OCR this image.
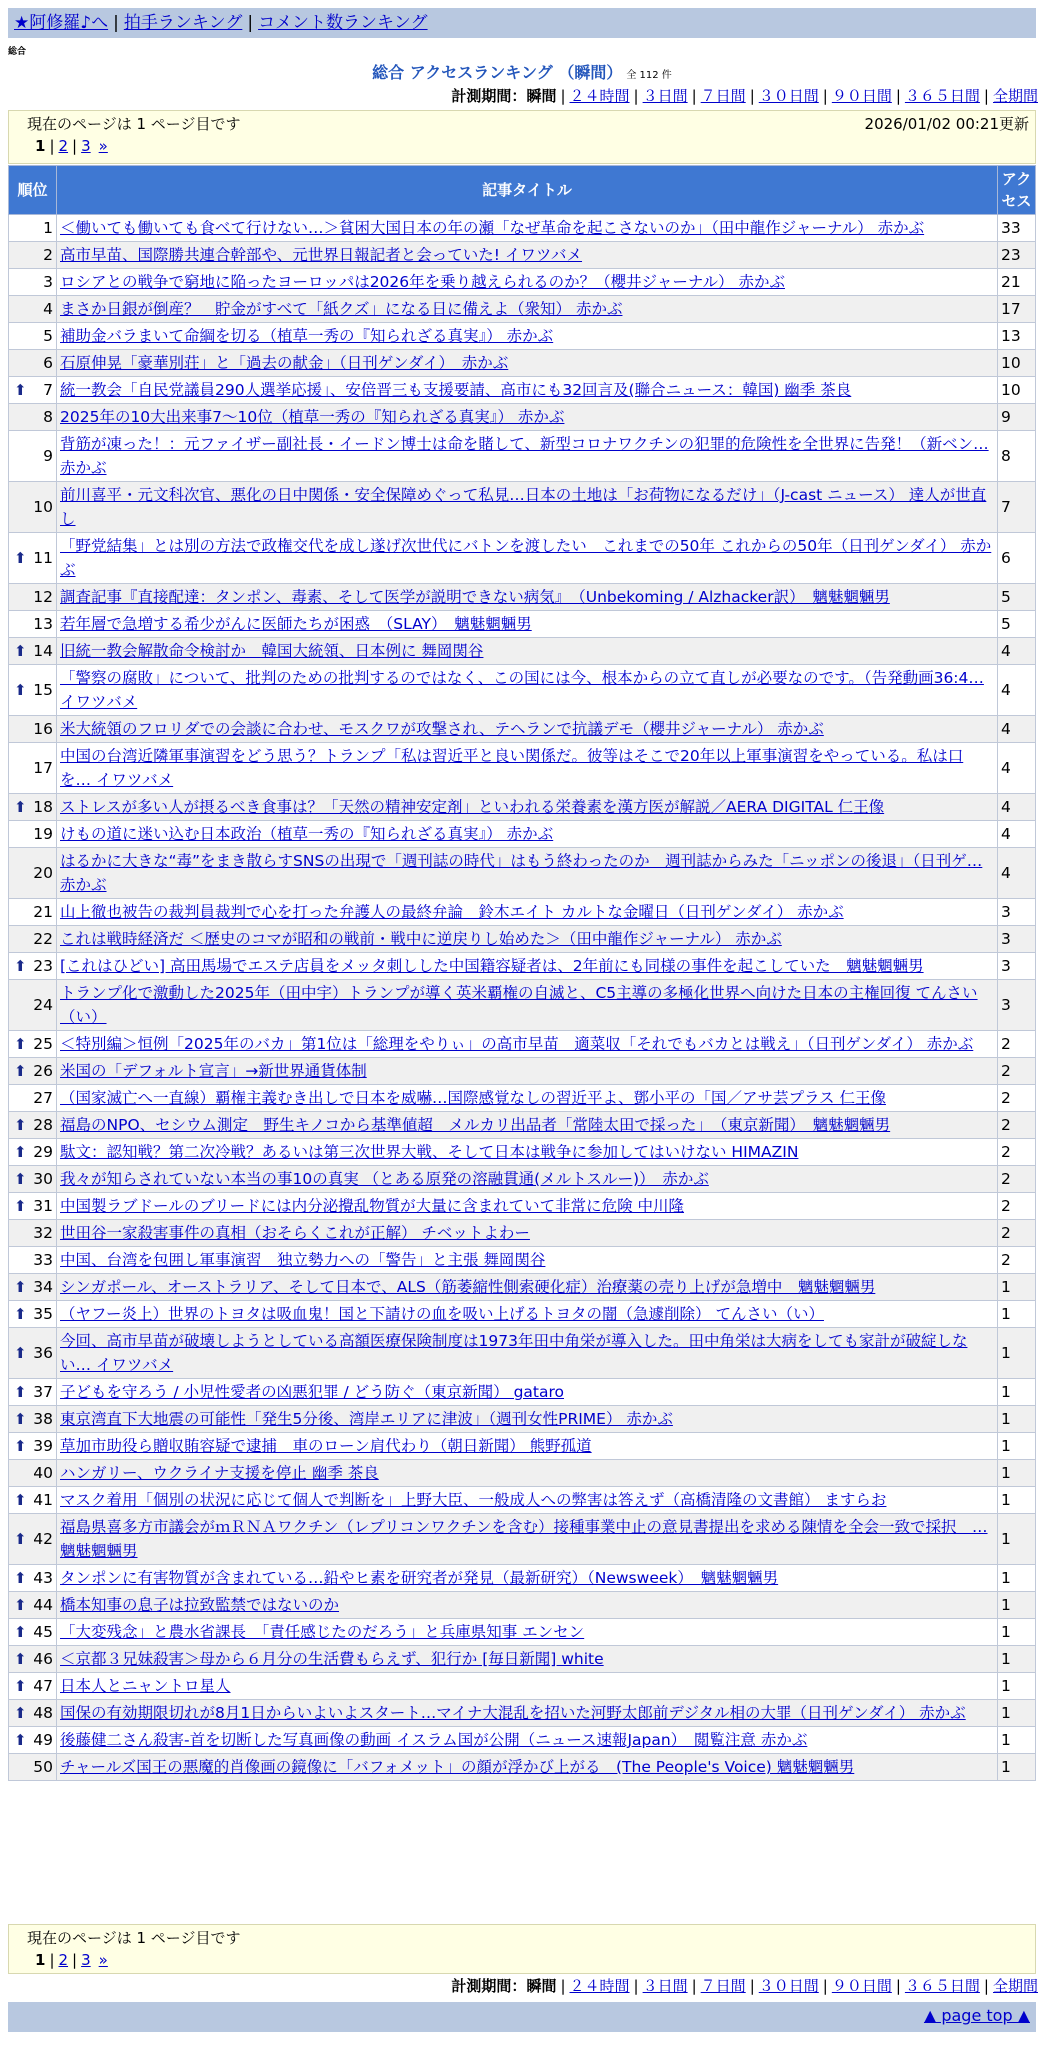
★阿修羅♪へ | 拍手ランキング | コメント数ランキング
総合
総合 アクセスランキング （瞬間） 全 112 件
計測期間：瞬間 | ２４時間 | ３日間 | ７日間 | ３０日間 | ９０日間 | ３６５日間 | 全期間
現在のページは 1 ページ目です	2026/01/02 00:21更新
1 | 2 | 3 »
順位	記事タイトル	アクセス
1	＜働いても働いても食べて行けない…＞貧困大国日本の年の瀬「なぜ革命を起こさないのか」（田中龍作ジャーナル） 赤かぶ	33
2	高市早苗、国際勝共連合幹部や、元世界日報記者と会っていた! イワツバメ	23
3	ロシアとの戦争で窮地に陥ったヨーロッパは2026年を乗り越えられるのか？（櫻井ジャーナル） 赤かぶ	21
4	まさか日銀が倒産？　貯金がすべて「紙クズ」になる日に備えよ（衆知） 赤かぶ	17
5	補助金バラまいて命綱を切る（植草一秀の『知られざる真実』） 赤かぶ	13
6	石原伸晃「豪華別荘」と「過去の献金」（日刊ゲンダイ）　赤かぶ	10

⬆ 7	統一教会「自民党議員290人選挙応援」、安倍晋三も支援要請、高市にも32回言及(聯合ニュース：韓国) 幽季 茶良	10
8	2025年の10大出来事7～10位（植草一秀の『知られざる真実』） 赤かぶ	9
9	背筋が凍った！：元ファイザー副社長・イードン博士は命を賭して、新型コロナワクチンの犯罪的危険性を全世界に告発！（新ベン… 赤かぶ	8
10	前川喜平・元文科次官、悪化の日中関係・安全保障めぐって私見…日本の土地は「お荷物になるだけ」（J-cast ニュース） 達人が世直し	7

⬆ 11	「野党結集」とは別の方法で政権交代を成し遂げ次世代にバトンを渡したい　これまでの50年 これからの50年（日刊ゲンダイ） 赤かぶ	6
12	調査記事『直接配達：タンポン、毒素、そして医学が説明できない病気』　（Unbekoming / Alzhacker訳）　魑魅魍魎男	5
13	若年層で急増する希少がんに医師たちが困惑　（SLAY）　魑魅魍魎男	5

⬆ 14	旧統一教会解散命令検討か　韓国大統領、日本例に 舞岡関谷	4

⬆ 15	「警察の腐敗」について、批判のための批判するのではなく、この国には今、根本からの立て直しが必要なのです。（告発動画36:4… イワツバメ	4
16	米大統領のフロリダでの会談に合わせ、モスクワが攻撃され、テヘランで抗議デモ（櫻井ジャーナル） 赤かぶ	4
17	中国の台湾近隣軍事演習をどう思う？トランプ「私は習近平と良い関係だ。彼等はそこで20年以上軍事演習をやっている。私は口を… イワツバメ	4

⬆ 18	ストレスが多い人が摂るべき食事は？「天然の精神安定剤」といわれる栄養素を漢方医が解説／AERA DIGITAL 仁王像	4
19	けもの道に迷い込む日本政治（植草一秀の『知られざる真実』） 赤かぶ	4
20	はるかに大きな“毒”をまき散らすSNSの出現で「週刊誌の時代」はもう終わったのか　週刊誌からみた「ニッポンの後退」（日刊ゲ… 赤かぶ	4
21	山上徹也被告の裁判員裁判で心を打った弁護人の最終弁論　鈴木エイト カルトな金曜日（日刊ゲンダイ） 赤かぶ	3
22	これは戦時経済だ ＜歴史のコマが昭和の戦前・戦中に逆戻りし始めた＞（田中龍作ジャーナル） 赤かぶ	3

⬆ 23	[これはひどい] 高田馬場でエステ店員をメッタ刺しした中国籍容疑者は、2年前にも同様の事件を起こしていた　魑魅魍魎男	3
24	トランプ化で激動した2025年（田中宇）トランプが導く英米覇権の自滅と、C5主導の多極化世界へ向けた日本の主権回復 てんさい（い）	3

⬆ 25	＜特別編＞恒例「2025年のバカ」第1位は「総理をやりぃ」の高市早苗　適菜収「それでもバカとは戦え」（日刊ゲンダイ） 赤かぶ	2

⬆ 26	米国の「デフォルト宣言」→新世界通貨体制	2
27	（国家滅亡へ一直線）覇権主義むき出しで日本を威嚇…国際感覚なしの習近平よ、鄧小平の「国／アサ芸プラス 仁王像	2

⬆ 28	福島のNPO、セシウム測定　野生キノコから基準値超　メルカリ出品者「常陸太田で採った」　（東京新聞）　魑魅魍魎男	2

⬆ 29	駄文：認知戦？第二次冷戦？あるいは第三次世界大戦、そして日本は戦争に参加してはいけない HIMAZIN	2

⬆ 30	我々が知らされていない本当の事10の真実 （とある原発の溶融貫通(メルトスルー)）　赤かぶ	2

⬆ 31	中国製ラブドールのブリードには内分泌攪乱物質が大量に含まれていて非常に危険 中川隆	2
32	世田谷一家殺害事件の真相（おそらくこれが正解） チベットよわー	2
33	中国、台湾を包囲し軍事演習　独立勢力への「警告」と主張 舞岡関谷	2

⬆ 34	シンガポール、オーストラリア、そして日本で、ALS（筋萎縮性側索硬化症）治療薬の売り上げが急増中　魑魅魍魎男	1

⬆ 35	（ヤフー炎上）世界のトヨタは吸血鬼！国と下請けの血を吸い上げるトヨタの闇（急遽削除） てんさい（い）	1

⬆ 36	今回、高市早苗が破壊しようとしている高額医療保険制度は1973年田中角栄が導入した。田中角栄は大病をしても家計が破綻しない… イワツバメ	1

⬆ 37	子どもを守ろう / 小児性愛者の凶悪犯罪 / どう防ぐ（東京新聞） gataro	1

⬆ 38	東京湾直下大地震の可能性「発生5分後、湾岸エリアに津波」（週刊女性PRIME） 赤かぶ	1

⬆ 39	草加市助役ら贈収賄容疑で逮捕　車のローン肩代わり（朝日新聞） 熊野孤道	1
40	ハンガリー、ウクライナ支援を停止 幽季 茶良	1

⬆ 41	マスク着用「個別の状況に応じて個人で判断を」上野大臣、一般成人への弊害は答えず（高橋清隆の文書館） ますらお	1

⬆ 42	福島県喜多方市議会がｍＲＮＡワクチン（レプリコンワクチンを含む）接種事業中止の意見書提出を求める陳情を全会一致で採択　… 魑魅魍魎男	1

⬆ 43	タンポンに有害物質が含まれている…鉛やヒ素を研究者が発見（最新研究）（Newsweek）　魑魅魍魎男	1

⬆ 44	橋本知事の息子は拉致監禁ではないのか	1

⬆ 45	「大変残念」と農水省課長　「責任感じたのだろう」と兵庫県知事 エンセン	1

⬆ 46	＜京都３兄妹殺害＞母から６月分の生活費もらえず、犯行か [毎日新聞] white	1

⬆ 47	日本人とニャントロ星人	1

⬆ 48	国保の有効期限切れが8月1日からいよいよスタート…マイナ大混乱を招いた河野太郎前デジタル相の大罪（日刊ゲンダイ） 赤かぶ	1

⬆ 49	後藤健二さん殺害-首を切断した写真画像の動画 イスラム国が公開（ニュース速報Japan）　閲覧注意 赤かぶ	1
50	チャールズ国王の悪魔的肖像画の鏡像に「バフォメット」の顔が浮かび上がる　(The People's Voice) 魑魅魍魎男	1
現在のページは 1 ページ目です
1 | 2 | 3 »
計測期間：瞬間 | ２４時間 | ３日間 | ７日間 | ３０日間 | ９０日間 | ３６５日間 | 全期間
▲ page top ▲
